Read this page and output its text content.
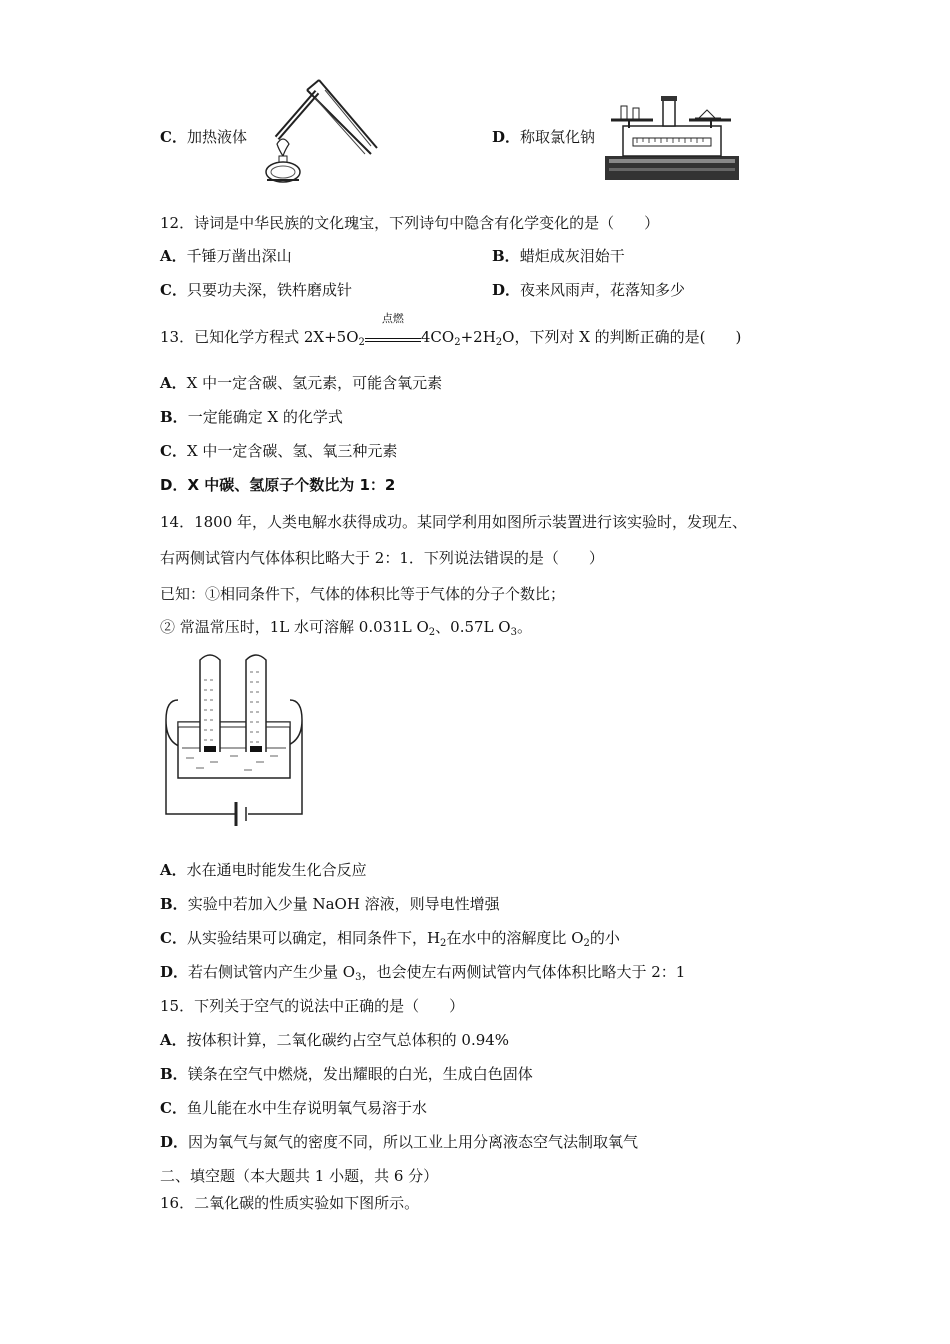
C．加热液体	D．称取氯化钠
12．诗词是中华民族的文化瑰宝，下列诗句中隐含有化学变化的是（　　）
A．千锤万凿出深山	B．蜡炬成灰泪始干
C．只要功夫深，铁杵磨成针	D．夜来风雨声，花落知多少
13．已知化学方程式 $2X+5O_2$
点燃
$4CO_2+2H_2O$，下列对 X 的判断正确的是(　　)
A．X 中一定含碳、氢元素，可能含氧元素
B．一定能确定 X 的化学式
C．X 中一定含碳、氢、氧三种元素
D．X 中碳、氢原子个数比为 1：2
14．1800 年，人类电解水获得成功。某同学利用如图所示装置进行该实验时，发现左、
右两侧试管内气体体积比略大于 2：1．下列说法错误的是（　　）
已知：①相同条件下，气体的体积比等于气体的分子个数比；
② 常温常压时，1L 水可溶解 0.031L $O_2$、0.57L $O_3$。
A．水在通电时能发生化合反应
B．实验中若加入少量 NaOH 溶液，则导电性增强
C．从实验结果可以确定，相同条件下，$H_2$在水中的溶解度比 $O_2$的小
D．若右侧试管内产生少量 $O_3$，也会使左右两侧试管内气体体积比略大于 2：1
15．下列关于空气的说法中正确的是（　　）
A．按体积计算，二氧化碳约占空气总体积的 0.94%
B．镁条在空气中燃烧，发出耀眼的白光，生成白色固体
C．鱼儿能在水中生存说明氧气易溶于水
D．因为氧气与氮气的密度不同，所以工业上用分离液态空气法制取氧气
二、填空题（本大题共 1 小题，共 6 分）
16．二氧化碳的性质实验如下图所示。
